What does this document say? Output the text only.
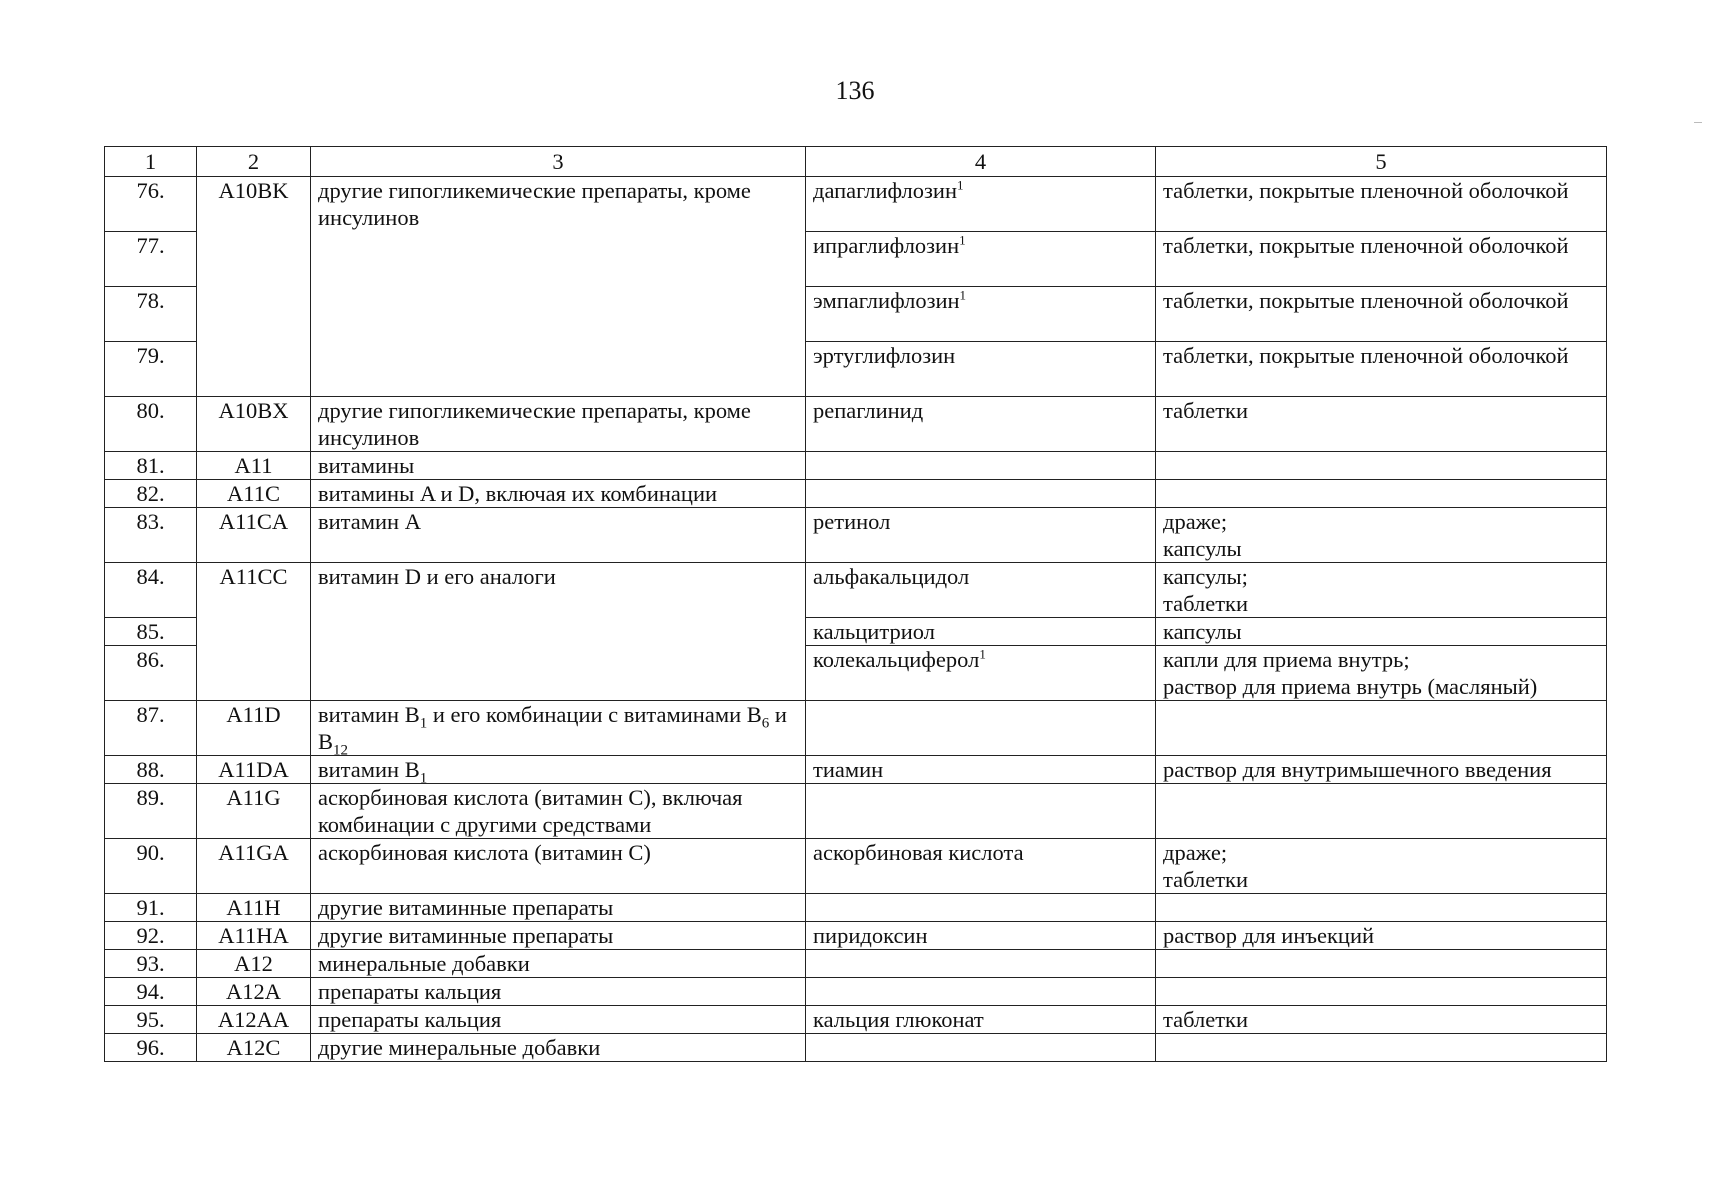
136
1	2	3	4	5
76.	A10BK	другие гипогликемические препараты, кроме инсулинов	дапаглифлозин$^1$	таблетки, покрытые пленочной оболочкой
77.			ипраглифлозин$^1$	таблетки, покрытые пленочной оболочкой
78.			эмпаглифлозин$^1$	таблетки, покрытые пленочной оболочкой
79.			эртуглифлозин	таблетки, покрытые пленочной оболочкой
80.	A10BX	другие гипогликемические препараты, кроме инсулинов	репаглинид	таблетки
81.	A11	витамины		
82.	A11C	витамины A и D, включая их комбинации		
83.	A11CA	витамин A	ретинол	драже;
капсулы

84.	A11CC	витамин D и его аналоги	альфакальцидол	капсулы;
таблетки

85.			кальцитриол	капсулы
86.			колекальциферол$^1$	капли для приема внутрь;
раствор для приема внутрь (масляный)

87.	A11D	витамин $B_1$ и его комбинации с витаминами $B_6$ и $B_{12}$		
88.	A11DA	витамин $B_1$	тиамин	раствор для внутримышечного введения
89.	A11G	аскорбиновая кислота (витамин C), включая комбинации с другими средствами		
90.	A11GA	аскорбиновая кислота (витамин C)	аскорбиновая кислота	драже;
таблетки

91.	A11H	другие витаминные препараты		
92.	A11HA	другие витаминные препараты	пиридоксин	раствор для инъекций
93.	A12	минеральные добавки		
94.	A12A	препараты кальция		
95.	A12AA	препараты кальция	кальция глюконат	таблетки
96.	A12C	другие минеральные добавки		
